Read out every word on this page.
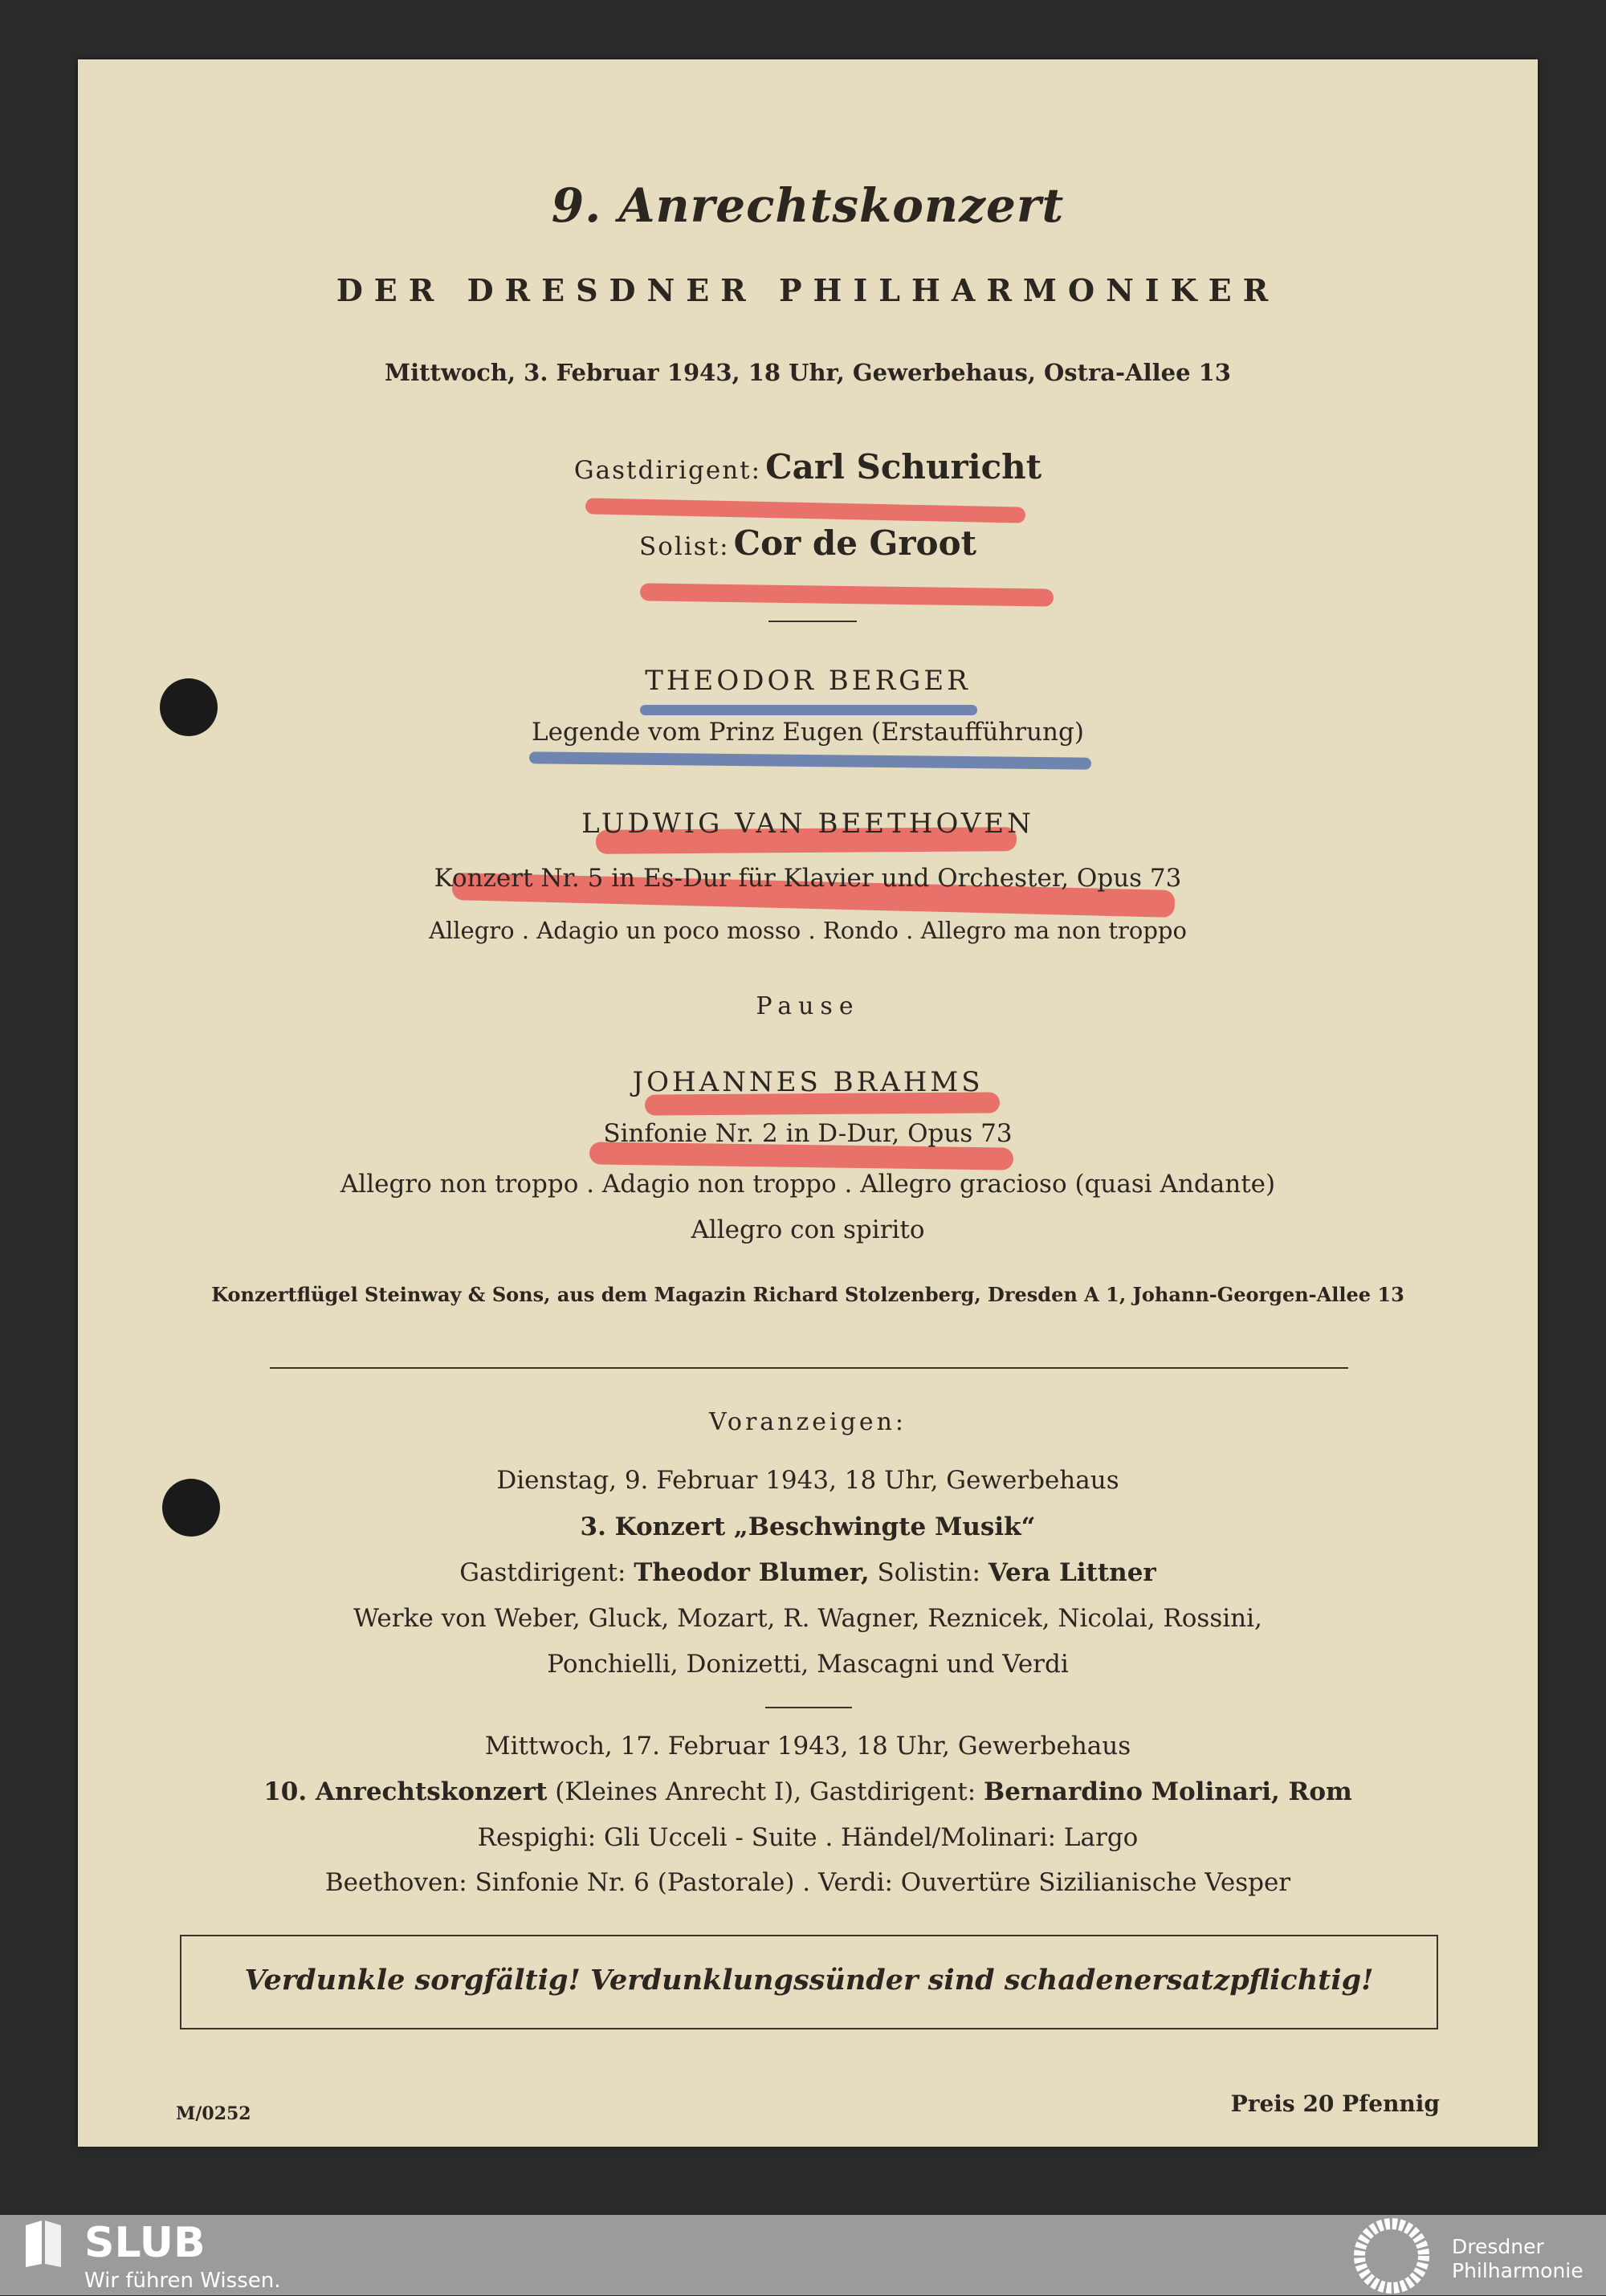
9. Anrechtskonzert
DER DRESDNER PHILHARMONIKER
Mittwoch, 3. Februar 1943, 18 Uhr, Gewerbehaus, Ostra-Allee 13
Gastdirigent: Carl Schuricht
Solist: Cor de Groot
THEODOR BERGER
Legende vom Prinz Eugen (Erstaufführung)
LUDWIG VAN BEETHOVEN
Konzert Nr. 5 in Es-Dur für Klavier und Orchester, Opus 73
Allegro . Adagio un poco mosso . Rondo . Allegro ma non troppo
Pause
JOHANNES BRAHMS
Sinfonie Nr. 2 in D-Dur, Opus 73
Allegro non troppo . Adagio non troppo . Allegro gracioso (quasi Andante)
Allegro con spirito
Konzertflügel Steinway & Sons, aus dem Magazin Richard Stolzenberg, Dresden A 1, Johann-Georgen-Allee 13
Voranzeigen:
Dienstag, 9. Februar 1943, 18 Uhr, Gewerbehaus
3. Konzert „Beschwingte Musik“
Gastdirigent: Theodor Blumer, Solistin: Vera Littner
Werke von Weber, Gluck, Mozart, R. Wagner, Reznicek, Nicolai, Rossini,
Ponchielli, Donizetti, Mascagni und Verdi
Mittwoch, 17. Februar 1943, 18 Uhr, Gewerbehaus
10. Anrechtskonzert (Kleines Anrecht I), Gastdirigent: Bernardino Molinari, Rom
Respighi: Gli Ucceli - Suite . Händel/Molinari: Largo
Beethoven: Sinfonie Nr. 6 (Pastorale) . Verdi: Ouvertüre Sizilianische Vesper
Verdunkle sorgfältig! Verdunklungssünder sind schadenersatzpflichtig!
M/0252	Preis 20 Pfennig
SLUB
Wir führen Wissen.
Dresdner
Philharmonie
